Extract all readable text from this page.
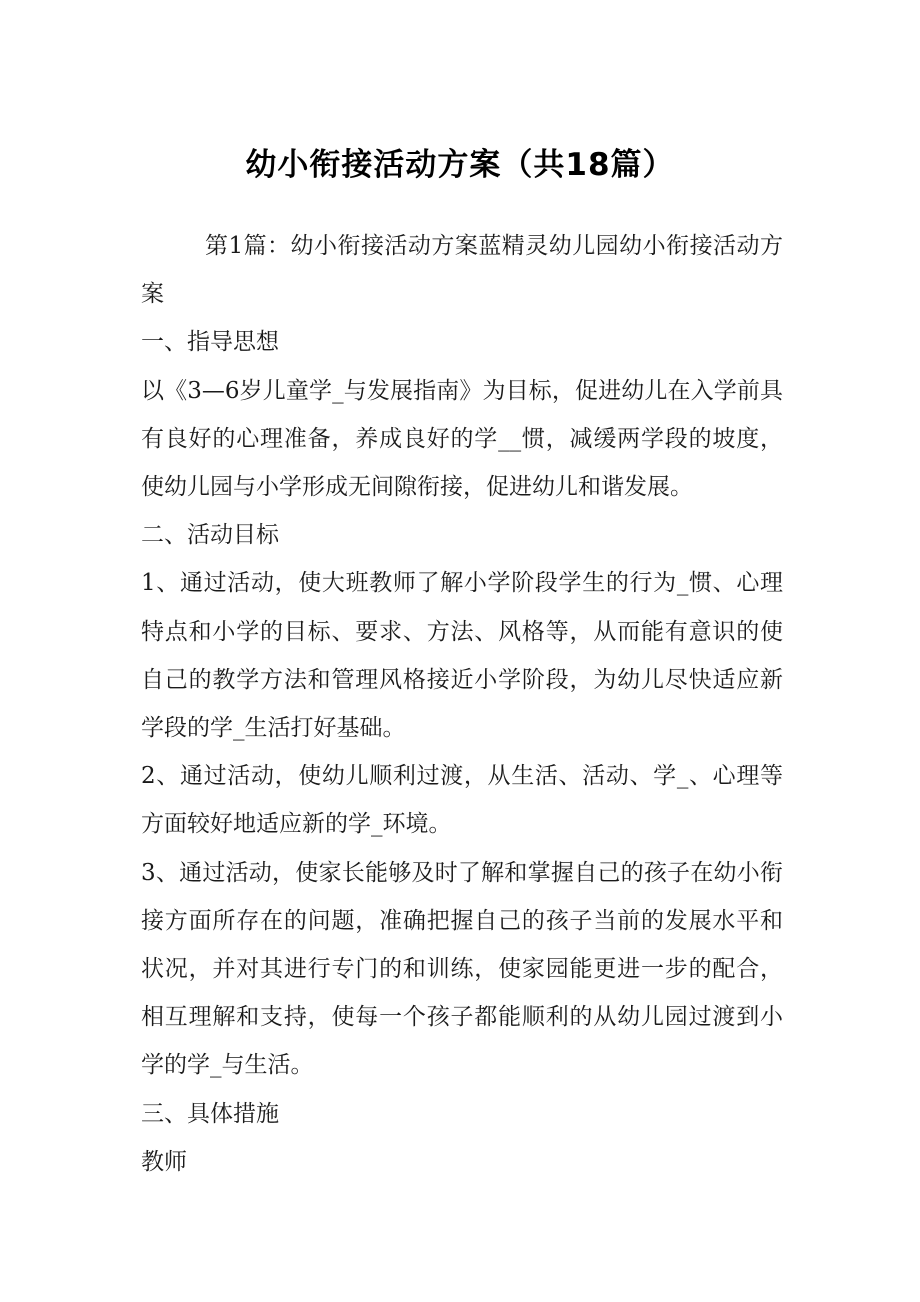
幼小衔接活动方案（共18篇）

第1篇：幼小衔接活动方案蓝精灵幼儿园幼小衔接活动方案

一、指导思想

以《3—6岁儿童学_与发展指南》为目标，促进幼儿在入学前具有良好的心理准备，养成良好的学__惯，减缓两学段的坡度，使幼儿园与小学形成无间隙衔接，促进幼儿和谐发展。

二、活动目标

1、通过活动，使大班教师了解小学阶段学生的行为_惯、心理特点和小学的目标、要求、方法、风格等，从而能有意识的使自己的教学方法和管理风格接近小学阶段，为幼儿尽快适应新学段的学_生活打好基础。

2、通过活动，使幼儿顺利过渡，从生活、活动、学_、心理等方面较好地适应新的学_环境。

3、通过活动，使家长能够及时了解和掌握自己的孩子在幼小衔接方面所存在的问题，准确把握自己的孩子当前的发展水平和状况，并对其进行专门的和训练，使家园能更进一步的配合，相互理解和支持，使每一个孩子都能顺利的从幼儿园过渡到小学的学_与生活。

三、具体措施

教师
